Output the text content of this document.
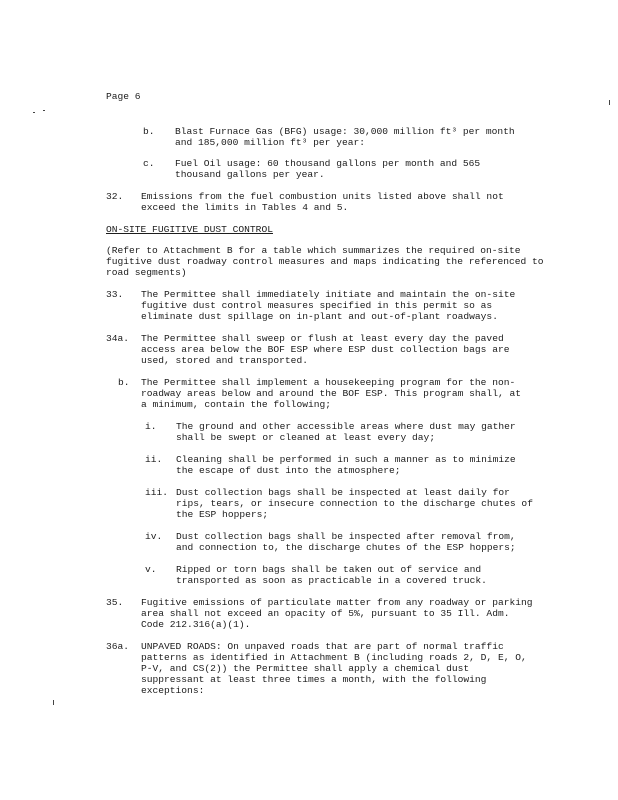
Page 6
b. Blast Furnace Gas (BFG) usage: 30,000 million ft³ per month
and 185,000 million ft³ per year:
c. Fuel Oil usage: 60 thousand gallons per month and 565
thousand gallons per year.
32. Emissions from the fuel combustion units listed above shall not
exceed the limits in Tables 4 and 5.
ON-SITE FUGITIVE DUST CONTROL
(Refer to Attachment B for a table which summarizes the required on-site
fugitive dust roadway control measures and maps indicating the referenced to
road segments)
33. The Permittee shall immediately initiate and maintain the on-site
fugitive dust control measures specified in this permit so as
eliminate dust spillage on in-plant and out-of-plant roadways.
34a. The Permittee shall sweep or flush at least every day the paved
access area below the BOF ESP where ESP dust collection bags are
used, stored and transported.
b. The Permittee shall implement a housekeeping program for the non-
roadway areas below and around the BOF ESP. This program shall, at
a minimum, contain the following;
i. The ground and other accessible areas where dust may gather
shall be swept or cleaned at least every day;
ii. Cleaning shall be performed in such a manner as to minimize
the escape of dust into the atmosphere;
iii. Dust collection bags shall be inspected at least daily for
rips, tears, or insecure connection to the discharge chutes of
the ESP hoppers;
iv. Dust collection bags shall be inspected after removal from,
and connection to, the discharge chutes of the ESP hoppers;
v. Ripped or torn bags shall be taken out of service and
transported as soon as practicable in a covered truck.
35. Fugitive emissions of particulate matter from any roadway or parking
area shall not exceed an opacity of 5%, pursuant to 35 Ill. Adm.
Code 212.316(a)(1).
36a. UNPAVED ROADS: On unpaved roads that are part of normal traffic
patterns as identified in Attachment B (including roads 2, D, E, O,
P-V, and CS(2)) the Permittee shall apply a chemical dust
suppressant at least three times a month, with the following
exceptions:
